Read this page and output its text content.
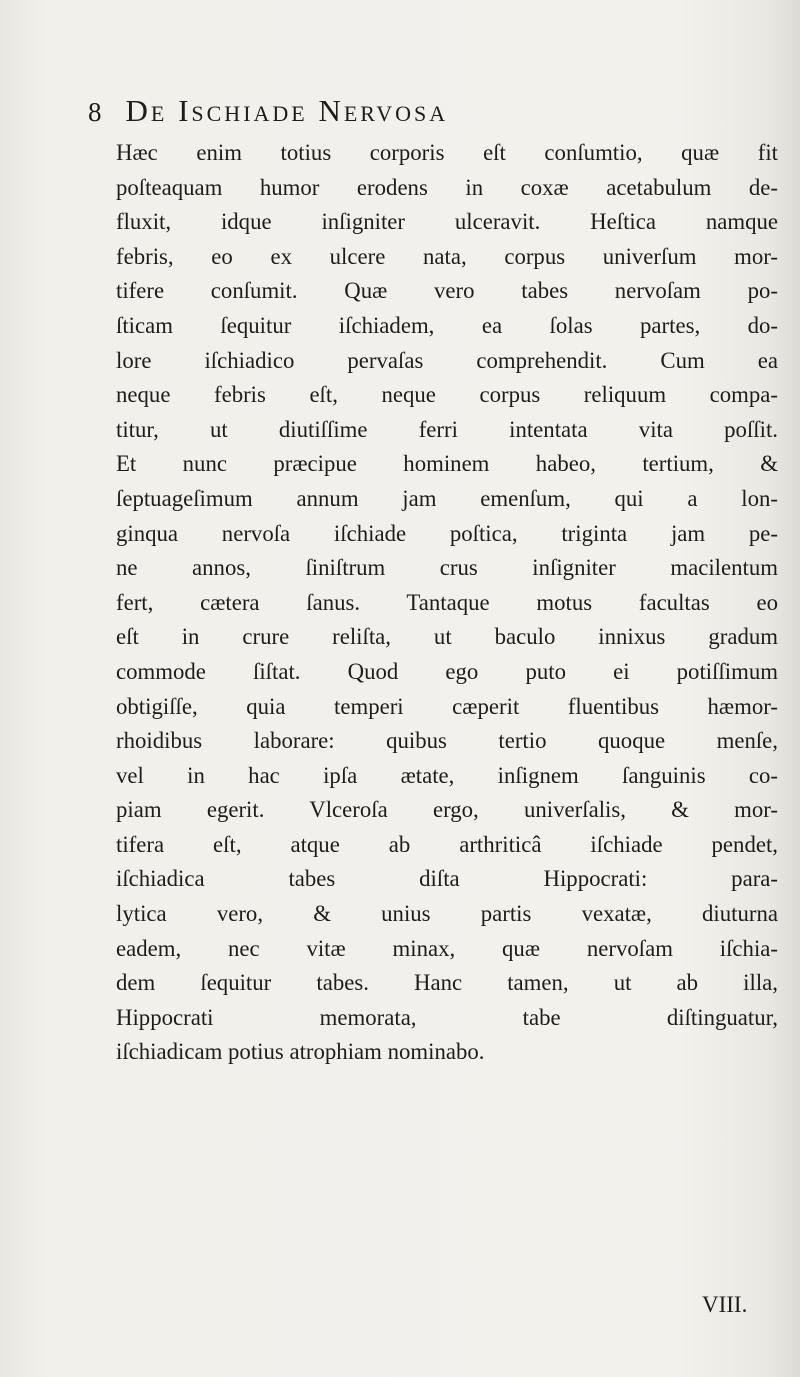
8 De Ischiade Nervosa
Hæc enim totius corporis eſt conſumtio, quæ fit
poſteaquam humor erodens in coxæ acetabulum de-
fluxit, idque inſigniter ulceravit. Heſtica namque
febris, eo ex ulcere nata, corpus univerſum mor-
tifere conſumit. Quæ vero tabes nervoſam po-
ſticam ſequitur iſchiadem, ea ſolas partes, do-
lore iſchiadico pervaſas comprehendit. Cum ea
neque febris eſt, neque corpus reliquum compa-
titur, ut diutiſſime ferri intentata vita poſſit.
Et nunc præcipue hominem habeo, tertium, &
ſeptuageſimum annum jam emenſum, qui a lon-
ginqua nervoſa iſchiade poſtica, triginta jam pe-
ne annos, ſiniſtrum crus inſigniter macilentum
fert, cætera ſanus. Tantaque motus facultas eo
eſt in crure reliſta, ut baculo innixus gradum
commode ſiſtat. Quod ego puto ei potiſſimum
obtigiſſe, quia temperi cæperit fluentibus hæmor-
rhoidibus laborare: quibus tertio quoque menſe,
vel in hac ipſa ætate, inſignem ſanguinis co-
piam egerit. Vlceroſa ergo, univerſalis, & mor-
tifera eſt, atque ab arthriticâ iſchiade pendet,
iſchiadica tabes diſta Hippocrati: para-
lytica vero, & unius partis vexatæ, diuturna
eadem, nec vitæ minax, quæ nervoſam iſchia-
dem ſequitur tabes. Hanc tamen, ut ab illa,
Hippocrati memorata, tabe diſtinguatur,
iſchiadicam potius atrophiam nominabo.
VIII.
